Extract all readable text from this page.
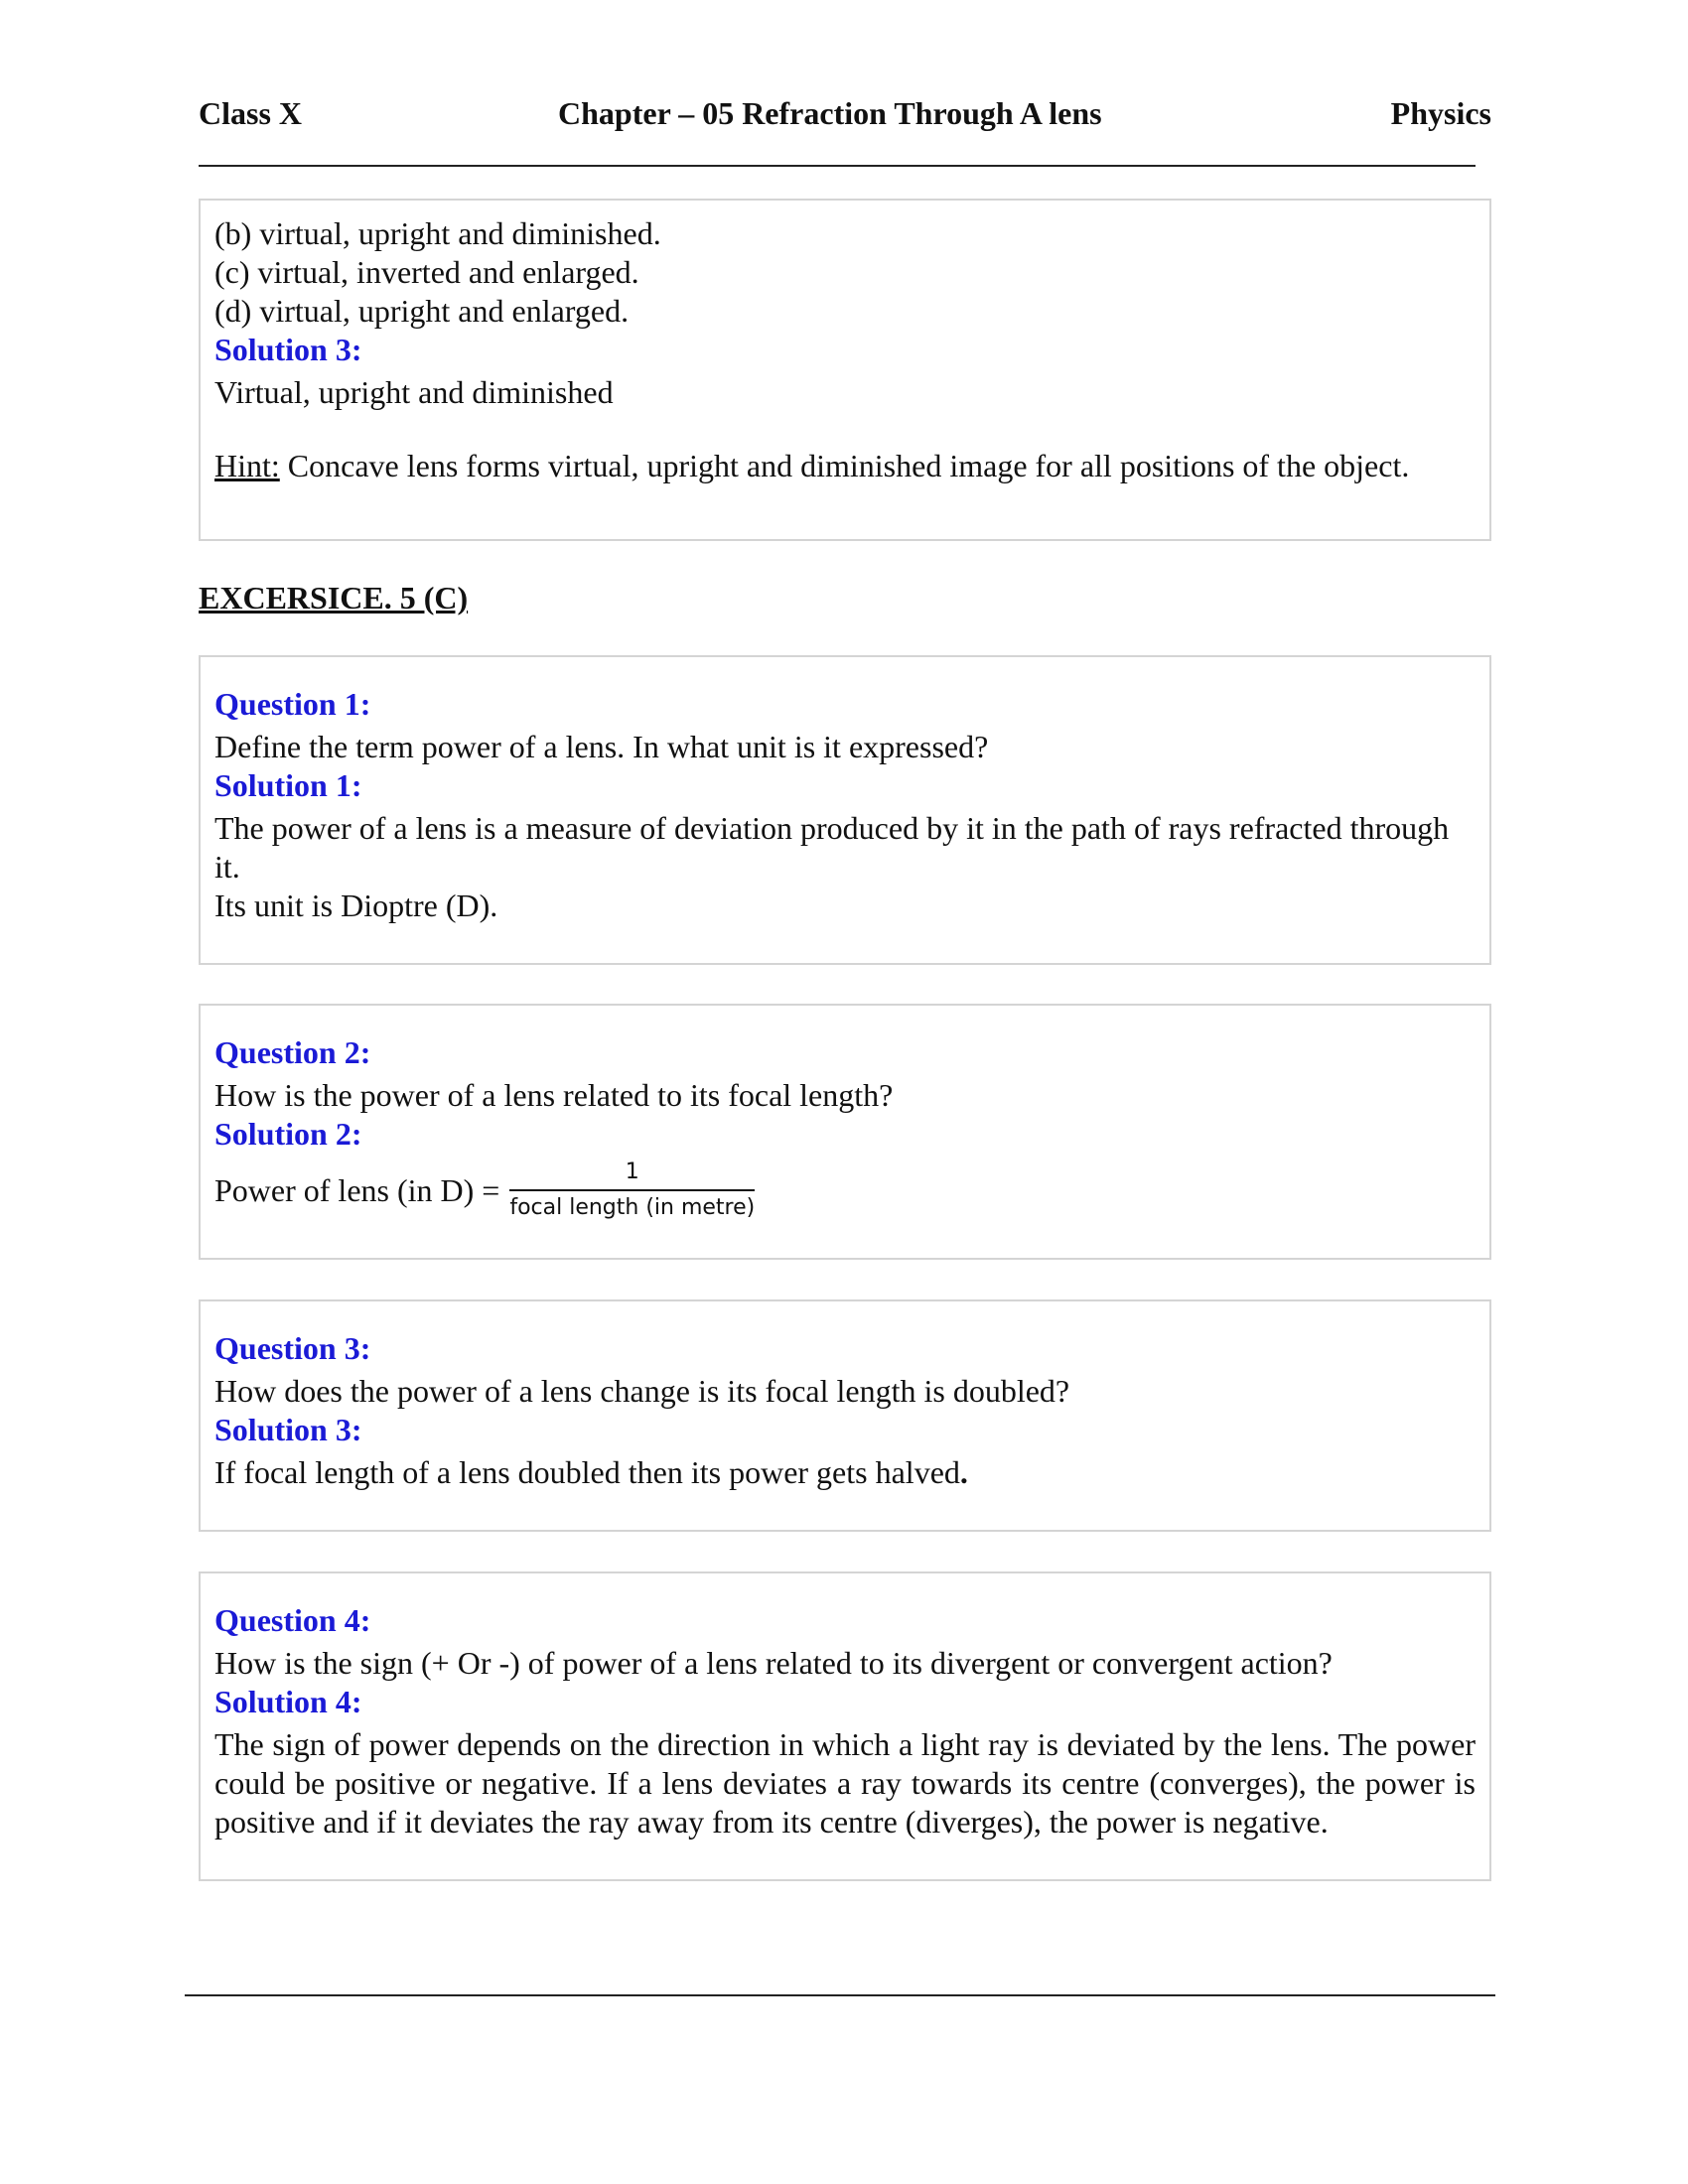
Class X	Chapter – 05 Refraction Through A lens	Physics

(b) virtual, upright and diminished.

(c) virtual, inverted and enlarged.

(d) virtual, upright and enlarged.

Solution 3:

Virtual, upright and diminished

Hint: Concave lens forms virtual, upright and diminished image for all positions of the object.

EXCERSICE. 5 (C)

Question 1:

Define the term power of a lens. In what unit is it expressed?

Solution 1:

The power of a lens is a measure of deviation produced by it in the path of rays refracted through it.

Its unit is Dioptre (D).

Question 2:

How is the power of a lens related to its focal length?

Solution 2:

Power of lens (in $D) = \frac{1}{\text{focal length (in metre)}}$

Question 3:

How does the power of a lens change is its focal length is doubled?

Solution 3:

If focal length of a lens doubled then its power gets halved.

Question 4:

How is the sign (+ Or -) of power of a lens related to its divergent or convergent action?

Solution 4:

The sign of power depends on the direction in which a light ray is deviated by the lens. The power could be positive or negative. If a lens deviates a ray towards its centre (converges), the power is positive and if it deviates the ray away from its centre (diverges), the power is negative.
